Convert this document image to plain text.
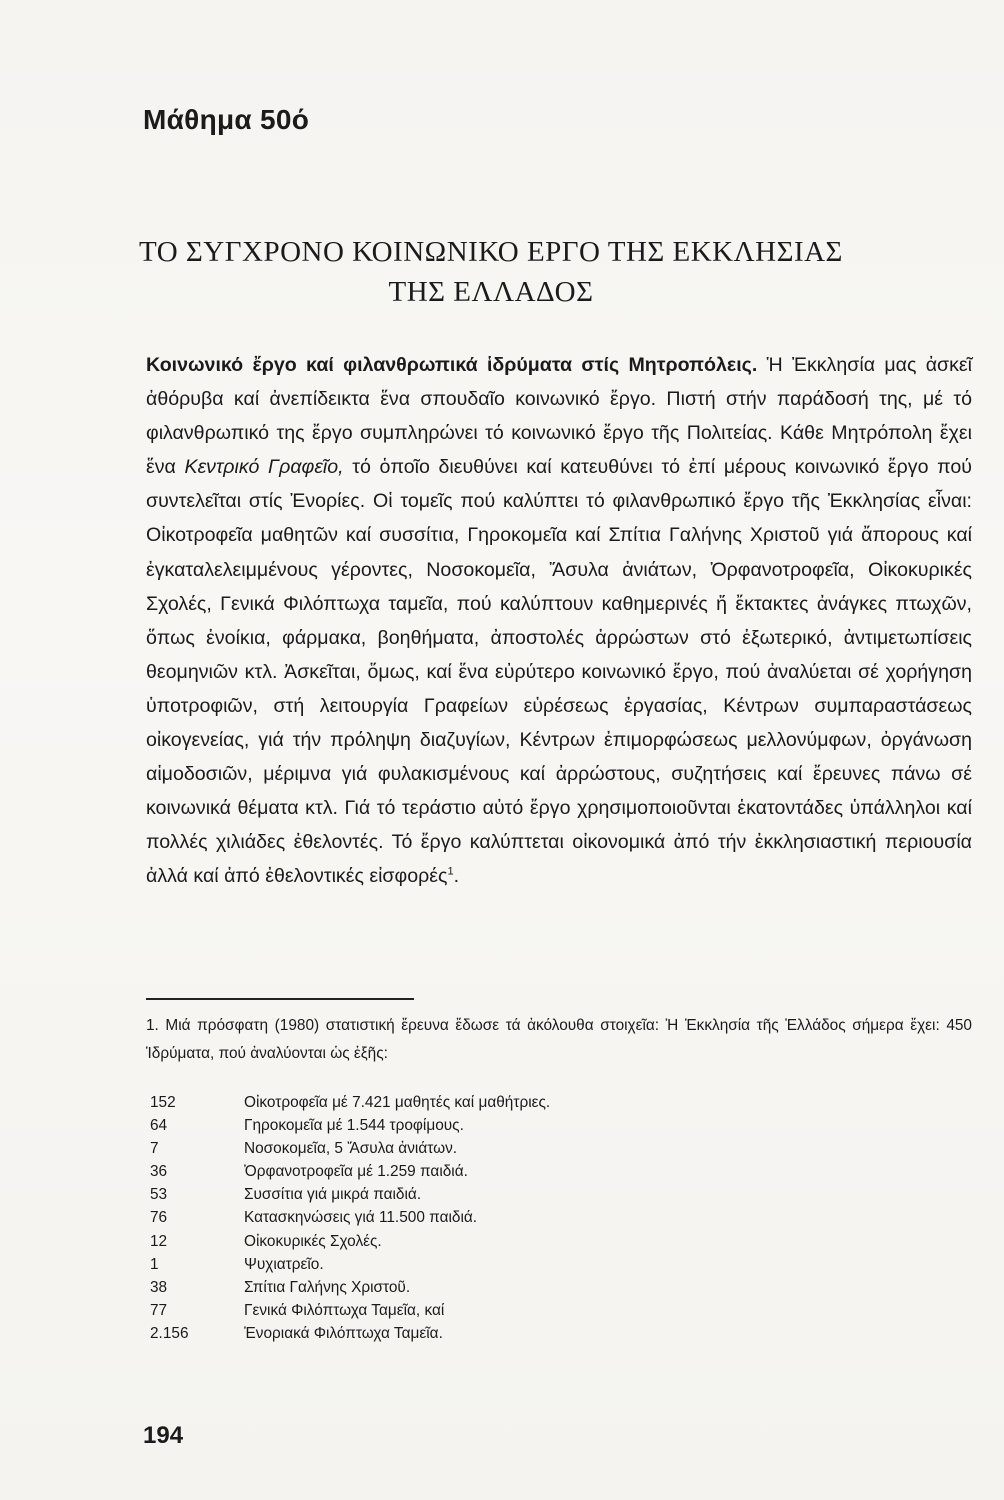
Μάθημα 50ό
ΤΟ ΣΥΓΧΡΟΝΟ ΚΟΙΝΩΝΙΚΟ ΕΡΓΟ ΤΗΣ ΕΚΚΛΗΣΙΑΣ
ΤΗΣ ΕΛΛΑΔΟΣ

Κοινωνικό ἔργο καί φιλανθρωπικά ἱδρύματα στίς Μητροπόλεις. Ἡ Ἐκκλησία μας ἀσκεῖ ἀθόρυβα καί ἀνεπίδεικτα ἕνα σπουδαῖο κοινωνικό ἔργο. Πιστή στήν παράδοσή της, μέ τό φιλανθρωπικό της ἔργο συμπληρώνει τό κοινωνικό ἔργο τῆς Πολιτείας. Κάθε Μητρόπολη ἔχει ἕνα Κεντρικό Γραφεῖο, τό ὁποῖο διευθύνει καί κατευθύνει τό ἐπί μέρους κοινωνικό ἔργο πού συντελεῖται στίς Ἐνορίες. Οἱ τομεῖς πού καλύπτει τό φιλανθρωπικό ἔργο τῆς Ἐκκλησίας εἶναι: Οἰκοτροφεῖα μαθητῶν καί συσσίτια, Γηροκομεῖα καί Σπίτια Γαλήνης Χριστοῦ γιά ἄπορους καί ἐγκαταλελειμμένους γέροντες, Νοσοκομεῖα, Ἄσυλα ἀνιάτων, Ὀρφανοτροφεῖα, Οἰκοκυρικές Σχολές, Γενικά Φιλόπτωχα ταμεῖα, πού καλύπτουν καθημερινές ἤ ἔκτακτες ἀνάγκες πτωχῶν, ὅπως ἐνοίκια, φάρμακα, βοηθήματα, ἀποστολές ἀρρώστων στό ἐξωτερικό, ἀντιμετωπίσεις θεομηνιῶν κτλ. Ἀσκεῖται, ὅμως, καί ἕνα εὐρύτερο κοινωνικό ἔργο, πού ἀναλύεται σέ χορήγηση ὑποτροφιῶν, στή λειτουργία Γραφείων εὑρέσεως ἐργασίας, Κέντρων συμπαραστάσεως οἰκογενείας, γιά τήν πρόληψη διαζυγίων, Κέντρων ἐπιμορφώσεως μελλονύμφων, ὀργάνωση αἱμοδοσιῶν, μέριμνα γιά φυλακισμένους καί ἀρρώστους, συζητήσεις καί ἔρευνες πάνω σέ κοινωνικά θέματα κτλ. Γιά τό τεράστιο αὐτό ἔργο χρησιμοποιοῦνται ἑκατοντάδες ὑπάλληλοι καί πολλές χιλιάδες ἐθελοντές. Τό ἔργο καλύπτεται οἰκονομικά ἀπό τήν ἐκκλησιαστική περιουσία ἀλλά καί ἀπό ἐθελοντικές εἰσφορές$^1$.

1. Μιά πρόσφατη (1980) στατιστική ἔρευνα ἔδωσε τά ἀκόλουθα στοιχεῖα: Ἡ Ἐκκλησία τῆς Ἑλλάδος σήμερα ἔχει: 450 Ἱδρύματα, πού ἀναλύονται ὡς ἑξῆς:

152	Οἰκοτροφεῖα μέ 7.421 μαθητές καί μαθήτριες.
64	Γηροκομεῖα μέ 1.544 τροφίμους.
7	Νοσοκομεῖα, 5 Ἄσυλα ἀνιάτων.
36	Ὀρφανοτροφεῖα μέ 1.259 παιδιά.
53	Συσσίτια γιά μικρά παιδιά.
76	Κατασκηνώσεις γιά 11.500 παιδιά.
12	Οἰκοκυρικές Σχολές.
1	Ψυχιατρεῖο.
38	Σπίτια Γαλήνης Χριστοῦ.
77	Γενικά Φιλόπτωχα Ταμεῖα, καί
2.156	Ἐνοριακά Φιλόπτωχα Ταμεῖα.
194
